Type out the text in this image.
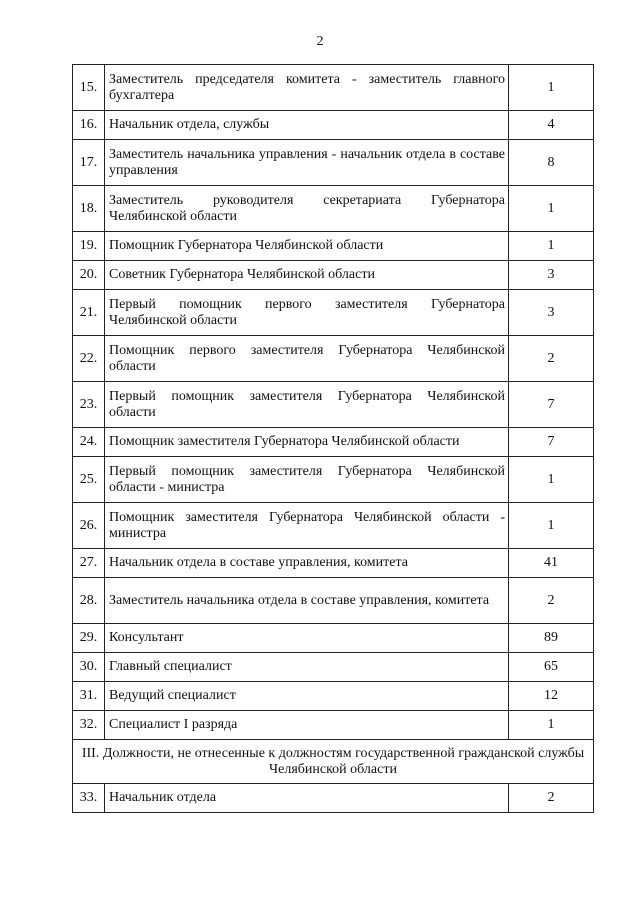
2
15.	Заместитель председателя комитета - заместитель главного бухгалтера	1
16.	Начальник отдела, службы	4
17.	Заместитель начальника управления - начальник отдела в составе управления	8
18.	Заместитель руководителя секретариата Губернатора Челябинской области	1
19.	Помощник Губернатора Челябинской области	1
20.	Советник Губернатора Челябинской области	3
21.	Первый помощник первого заместителя Губернатора Челябинской области	3
22.	Помощник первого заместителя Губернатора Челябинской области	2
23.	Первый помощник заместителя Губернатора Челябинской области	7
24.	Помощник заместителя Губернатора Челябинской области	7
25.	Первый помощник заместителя Губернатора Челябинской области - министра	1
26.	Помощник заместителя Губернатора Челябинской области - министра	1
27.	Начальник отдела в составе управления, комитета	41
28.	Заместитель начальника отдела в составе управления, комитета	2
29.	Консультант	89
30.	Главный специалист	65
31.	Ведущий специалист	12
32.	Специалист I разряда	1
III. Должности, не отнесенные к должностям государственной гражданской службы Челябинской области		
33.	Начальник отдела	2
